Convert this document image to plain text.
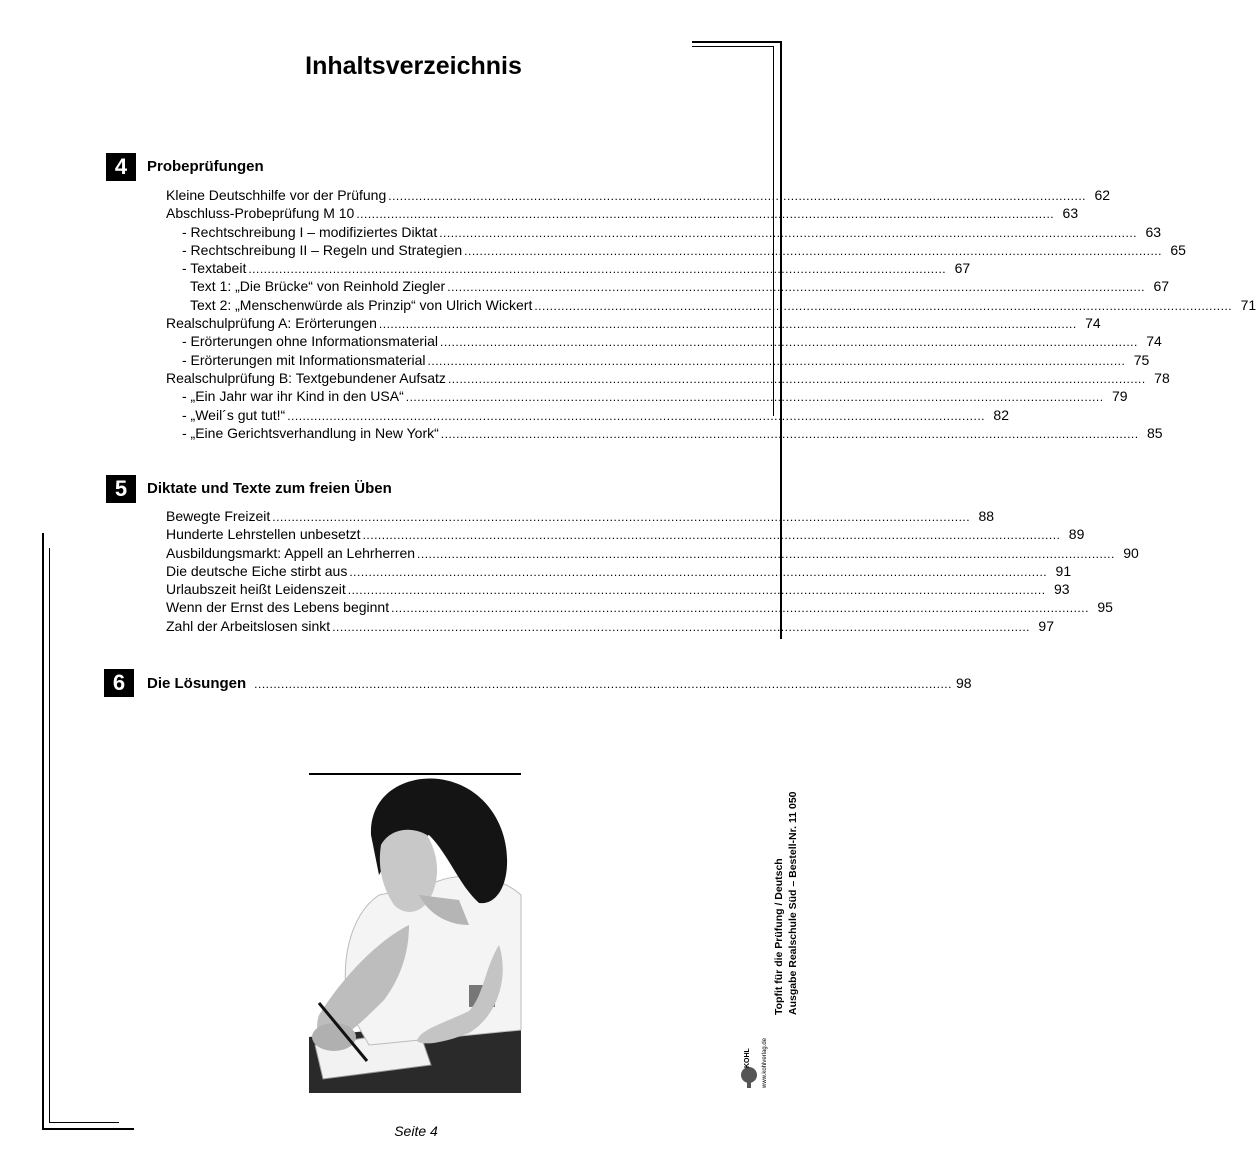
Inhaltsverzeichnis
4	Probeprüfungen
Kleine Deutschhilfe vor der Prüfung ...................................................................................................................................................................................... 62
Abschluss-Probeprüfung M 10 ...................................................................................................................................................................................... 63
- Rechtschreibung I – modifiziertes Diktat ...................................................................................................................................................................................... 63
- Rechtschreibung II – Regeln und Strategien ...................................................................................................................................................................................... 65
- Textabeit ...................................................................................................................................................................................... 67
Text 1: „Die Brücke“ von Reinhold Ziegler ...................................................................................................................................................................................... 67
Text 2: „Menschenwürde als Prinzip“ von Ulrich Wickert ...................................................................................................................................................................................... 71
Realschulprüfung A: Erörterungen ...................................................................................................................................................................................... 74
- Erörterungen ohne Informationsmaterial ...................................................................................................................................................................................... 74
- Erörterungen mit Informationsmaterial ...................................................................................................................................................................................... 75
Realschulprüfung B: Textgebundener Aufsatz ...................................................................................................................................................................................... 78
- „Ein Jahr war ihr Kind in den USA“ ...................................................................................................................................................................................... 79
- „Weil´s gut tut!“ ...................................................................................................................................................................................... 82
- „Eine Gerichtsverhandlung in New York“ ...................................................................................................................................................................................... 85
5	Diktate und Texte zum freien Üben
Bewegte Freizeit ...................................................................................................................................................................................... 88
Hunderte Lehrstellen unbesetzt ...................................................................................................................................................................................... 89
Ausbildungsmarkt: Appell an Lehrherren ...................................................................................................................................................................................... 90
Die deutsche Eiche stirbt aus ...................................................................................................................................................................................... 91
Urlaubszeit heißt Leidenszeit ...................................................................................................................................................................................... 93
Wenn der Ernst des Lebens beginnt ...................................................................................................................................................................................... 95
Zahl der Arbeitslosen sinkt ...................................................................................................................................................................................... 97
6	Die Lösungen ...................................................................................................................................................................................... 98
Topfit für die Prüfung / Deutsch Ausgabe Realschule Süd – Bestell-Nr. 11 050
KOHL www.kohlverlag.de
Seite 4
